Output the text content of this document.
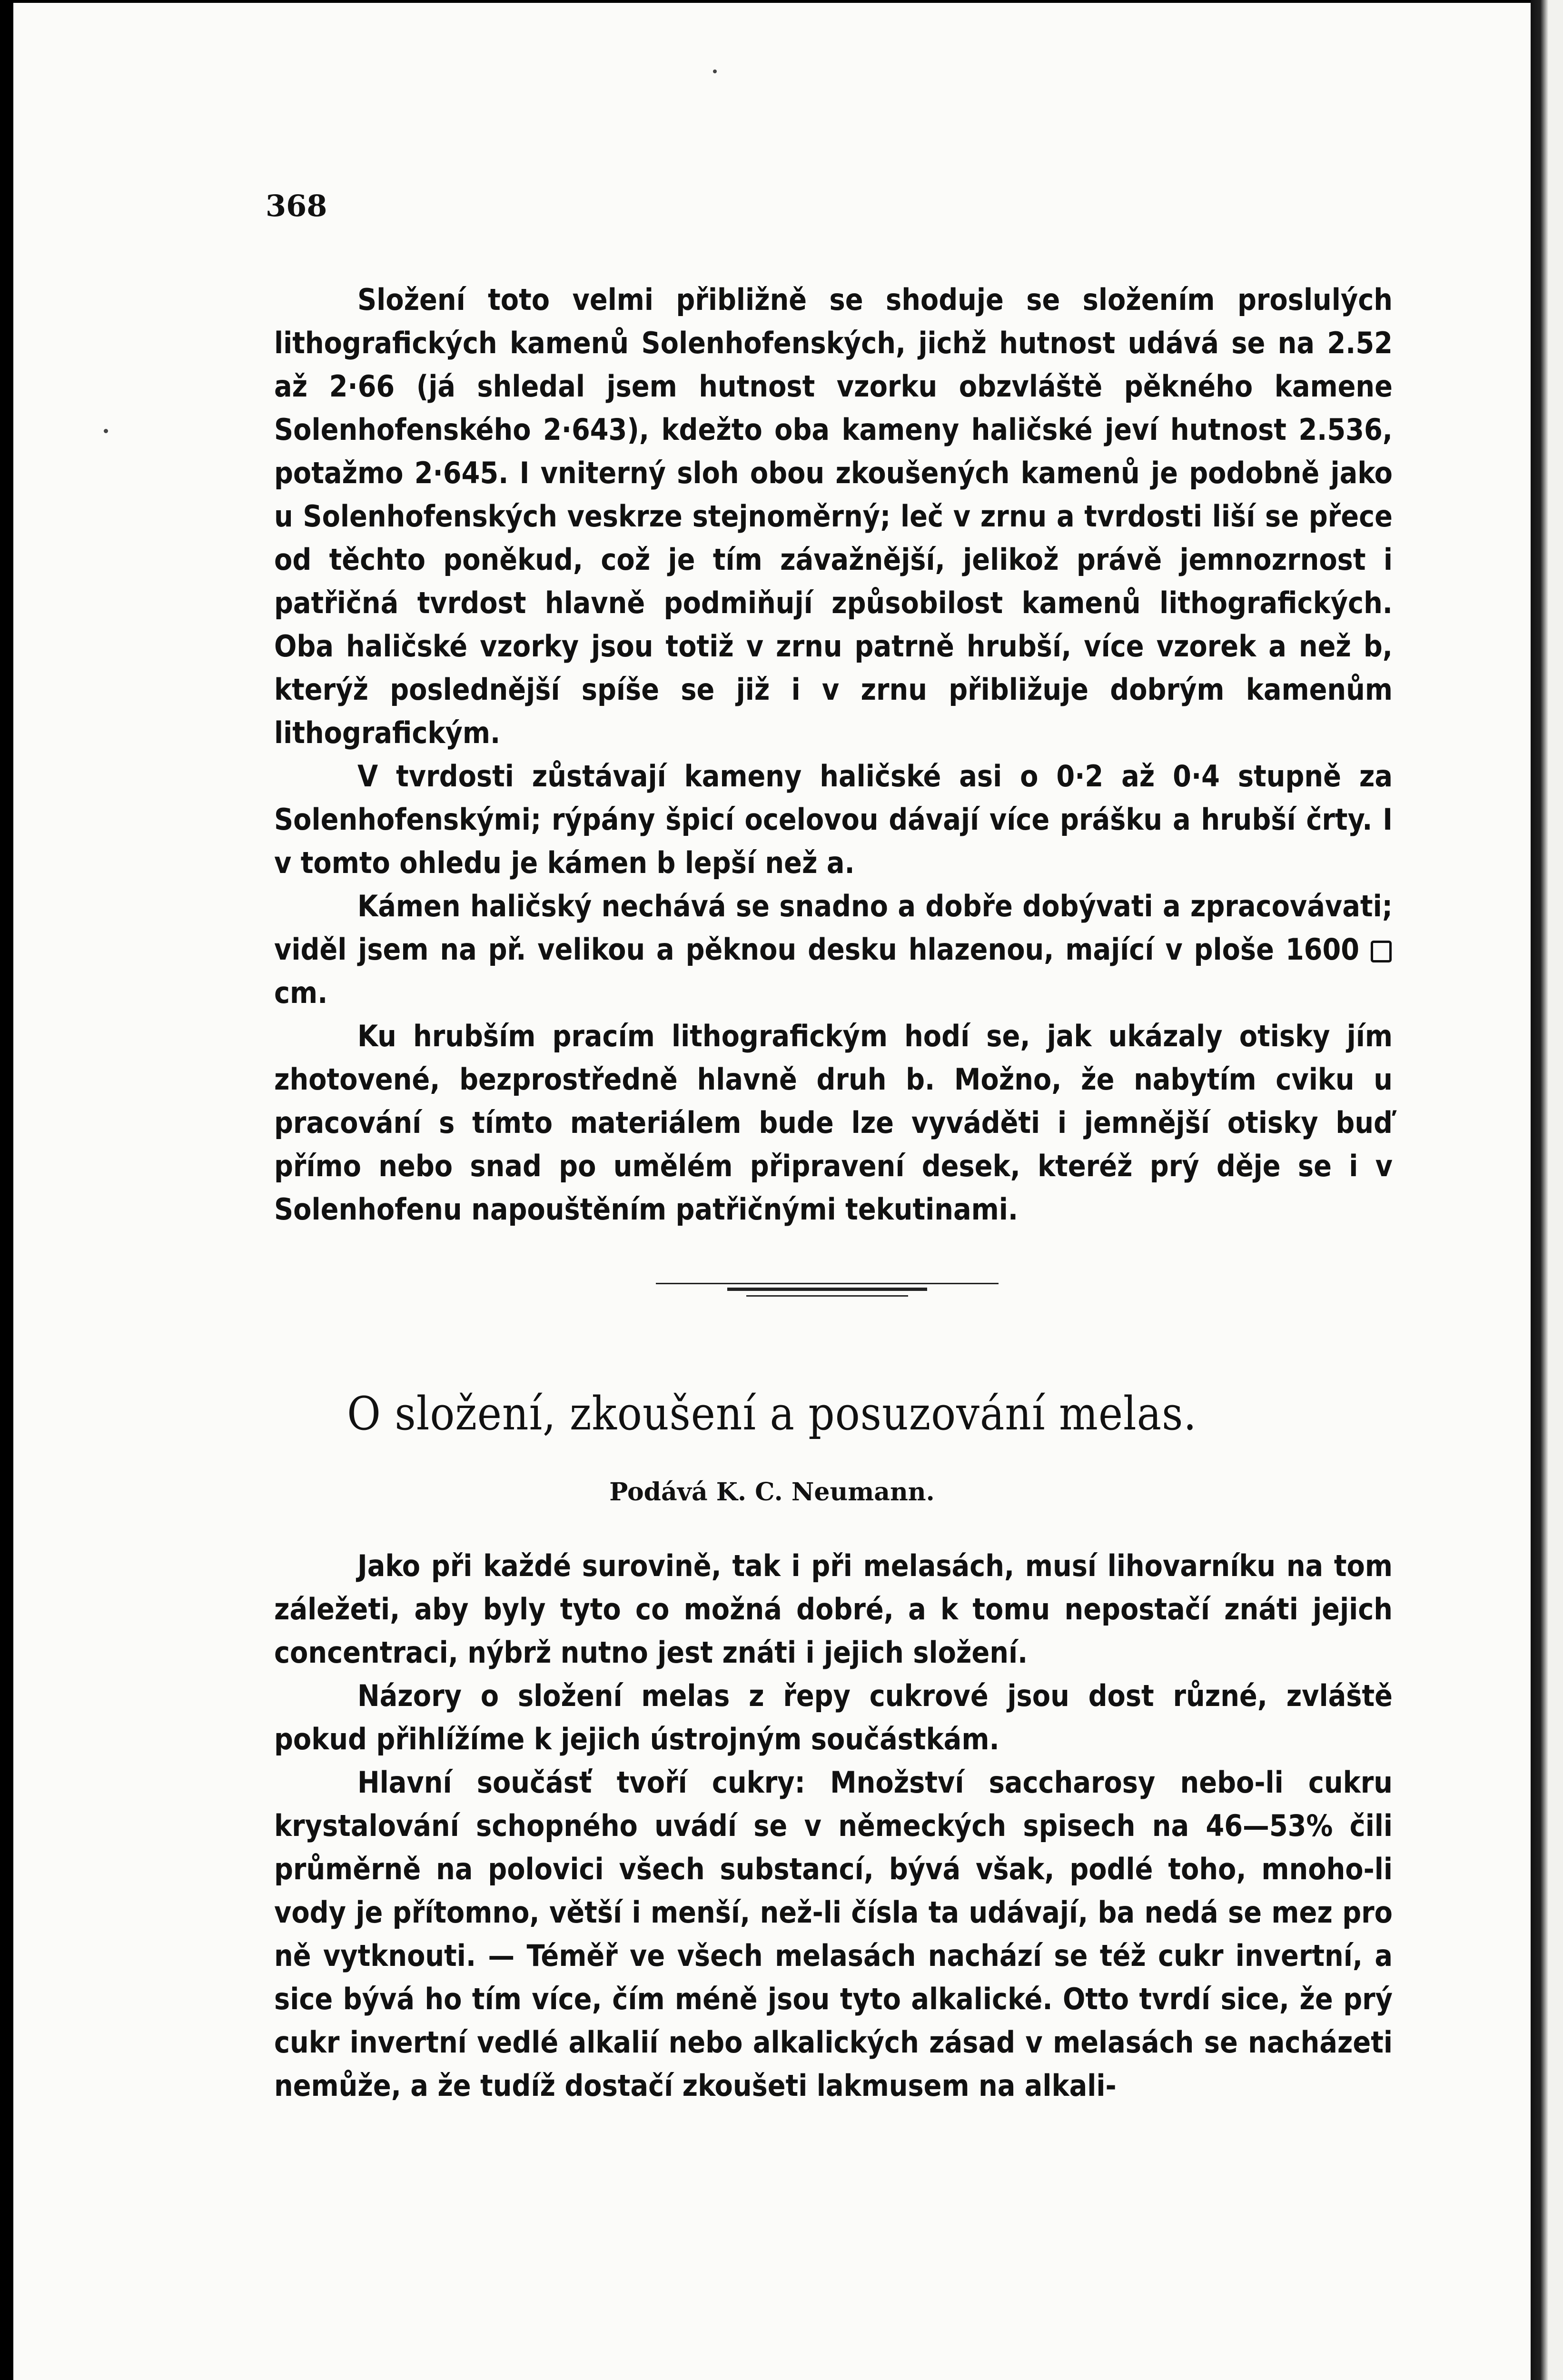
368

Složení toto velmi přibližně se shoduje se složením proslulých lithografických kamenů Solenhofenských, jichž hutnost udává se na 2.52 až 2·66 (já shledal jsem hutnost vzorku obzvláště pěkného kamene Solenhofenského 2·643), kdežto oba kameny haličské jeví hutnost 2.536, potažmo 2·645. I vniterný sloh obou zkoušených kamenů je podobně jako u Solenhofenských veskrze stejnoměrný; leč v zrnu a tvrdosti liší se přece od těchto poněkud, což je tím závažnější, jelikož právě jemnozrnost i patřičná tvrdost hlavně podmiňují způsobilost kamenů lithografických. Oba haličské vzorky jsou totiž v zrnu patrně hrubší, více vzorek a než b, kterýž poslednější spíše se již i v zrnu přibližuje dobrým kamenům lithografickým.

V tvrdosti zůstávají kameny haličské asi o 0·2 až 0·4 stupně za Solenhofenskými; rýpány špicí ocelovou dávají více prášku a hrubší črty. I v tomto ohledu je kámen b lepší než a.

Kámen haličský nechává se snadno a dobře dobývati a zpracovávati; viděl jsem na př. velikou a pěknou desku hlazenou, mající v ploše 1600 cm.

Ku hrubším pracím lithografickým hodí se, jak ukázaly otisky jím zhotovené, bezprostředně hlavně druh b. Možno, že nabytím cviku u pracování s tímto materiálem bude lze vyváděti i jemnější otisky buď přímo nebo snad po umělém připravení desek, kteréž prý děje se i v Solenhofenu napouštěním patřičnými tekutinami.

O složení, zkoušení a posuzování melas.
Podává K. C. Neumann.

Jako při každé surovině, tak i při melasách, musí lihovarníku na tom záležeti, aby byly tyto co možná dobré, a k tomu nepostačí znáti jejich concentraci, nýbrž nutno jest znáti i jejich složení.

Názory o složení melas z řepy cukrové jsou dost různé, zvláště pokud přihlížíme k jejich ústrojným součástkám.

Hlavní součásť tvoří cukry: Množství saccharosy nebo-li cukru krystalování schopného uvádí se v německých spisech na 46—53% čili průměrně na polovici všech substancí, bývá však, podlé toho, mnoho-li vody je přítomno, větší i menší, než-li čísla ta udávají, ba nedá se mez pro ně vytknouti. — Téměř ve všech melasách nachází se též cukr invertní, a sice bývá ho tím více, čím méně jsou tyto alkalické. Otto tvrdí sice, že prý cukr invertní vedlé alkalií nebo alkalických zásad v melasách se nacházeti nemůže, a že tudíž dostačí zkoušeti lakmusem na alkali-
